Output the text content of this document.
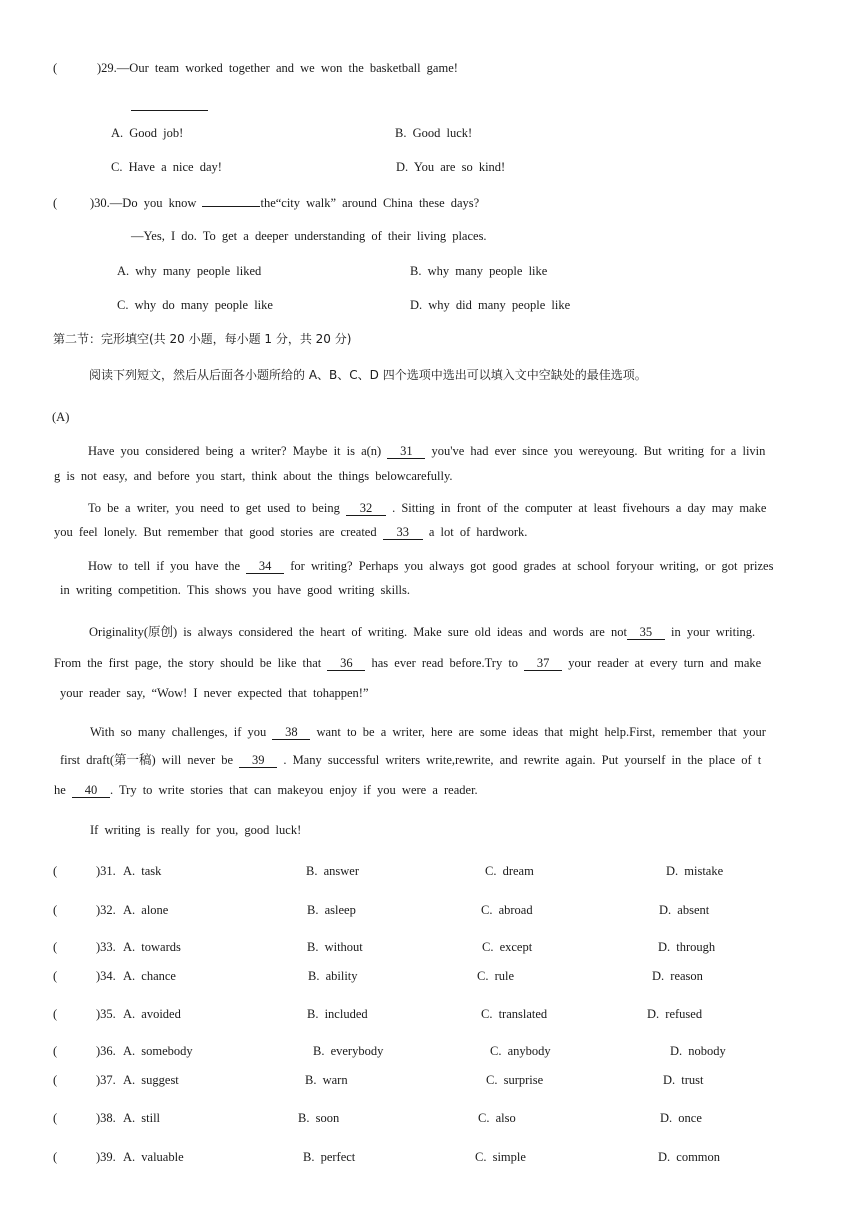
(	)29.—Our team worked together and we won the basketball game!
A. Good job!	B. Good luck!
C. Have a nice day!	D. You are so kind!
(	)30.—Do you know	the“city walk” around China these days?
—Yes, I do. To get a deeper understanding of their living places.
A. why many people liked	B. why many people like
C. why do many people like	D. why did many people like
第二节：完形填空(共 20 小题，每小题 1 分，共 20 分)
阅读下列短文，然后从后面各小题所给的 A、B、C、D 四个选项中选出可以填入文中空缺处的最佳选项。
(A)
Have you considered being a writer? Maybe it is a(n) 31 you've had ever since you wereyoung. But writing for a livin
g is not easy, and before you start, think about the things belowcarefully.
To be a writer, you need to get used to being 32 . Sitting in front of the computer at least fivehours a day may make
you feel lonely. But remember that good stories are created 33 a lot of hardwork.
How to tell if you have the 34 for writing? Perhaps you always got good grades at school foryour writing, or got prizes
in writing competition. This shows you have good writing skills.
Originality(原创) is always considered the heart of writing. Make sure old ideas and words are not 35 in your writing.
From the first page, the story should be like that 36 has ever read before.Try to 37 your reader at every turn and make
your reader say, “Wow! I never expected that tohappen!”
With so many challenges, if you 38 want to be a writer, here are some ideas that might help.First, remember that your
first draft(第一稿) will never be 39 . Many successful writers write,rewrite, and rewrite again. Put yourself in the place of t
he 40 . Try to write stories that can makeyou enjoy if you were a reader.
If writing is really for you, good luck!
(	)31. A. task	B. answer	C. dream	D. mistake
(	)32. A. alone	B. asleep	C. abroad	D. absent
(	)33. A. towards	B. without	C. except	D. through
(	)34. A. chance	B. ability	C. rule	D. reason
(	)35. A. avoided	B. included	C. translated	D. refused
(	)36. A. somebody	B. everybody	C. anybody	D. nobody
(	)37. A. suggest	B. warn	C. surprise	D. trust
(	)38. A. still	B. soon	C. also	D. once
(	)39. A. valuable	B. perfect	C. simple	D. common
